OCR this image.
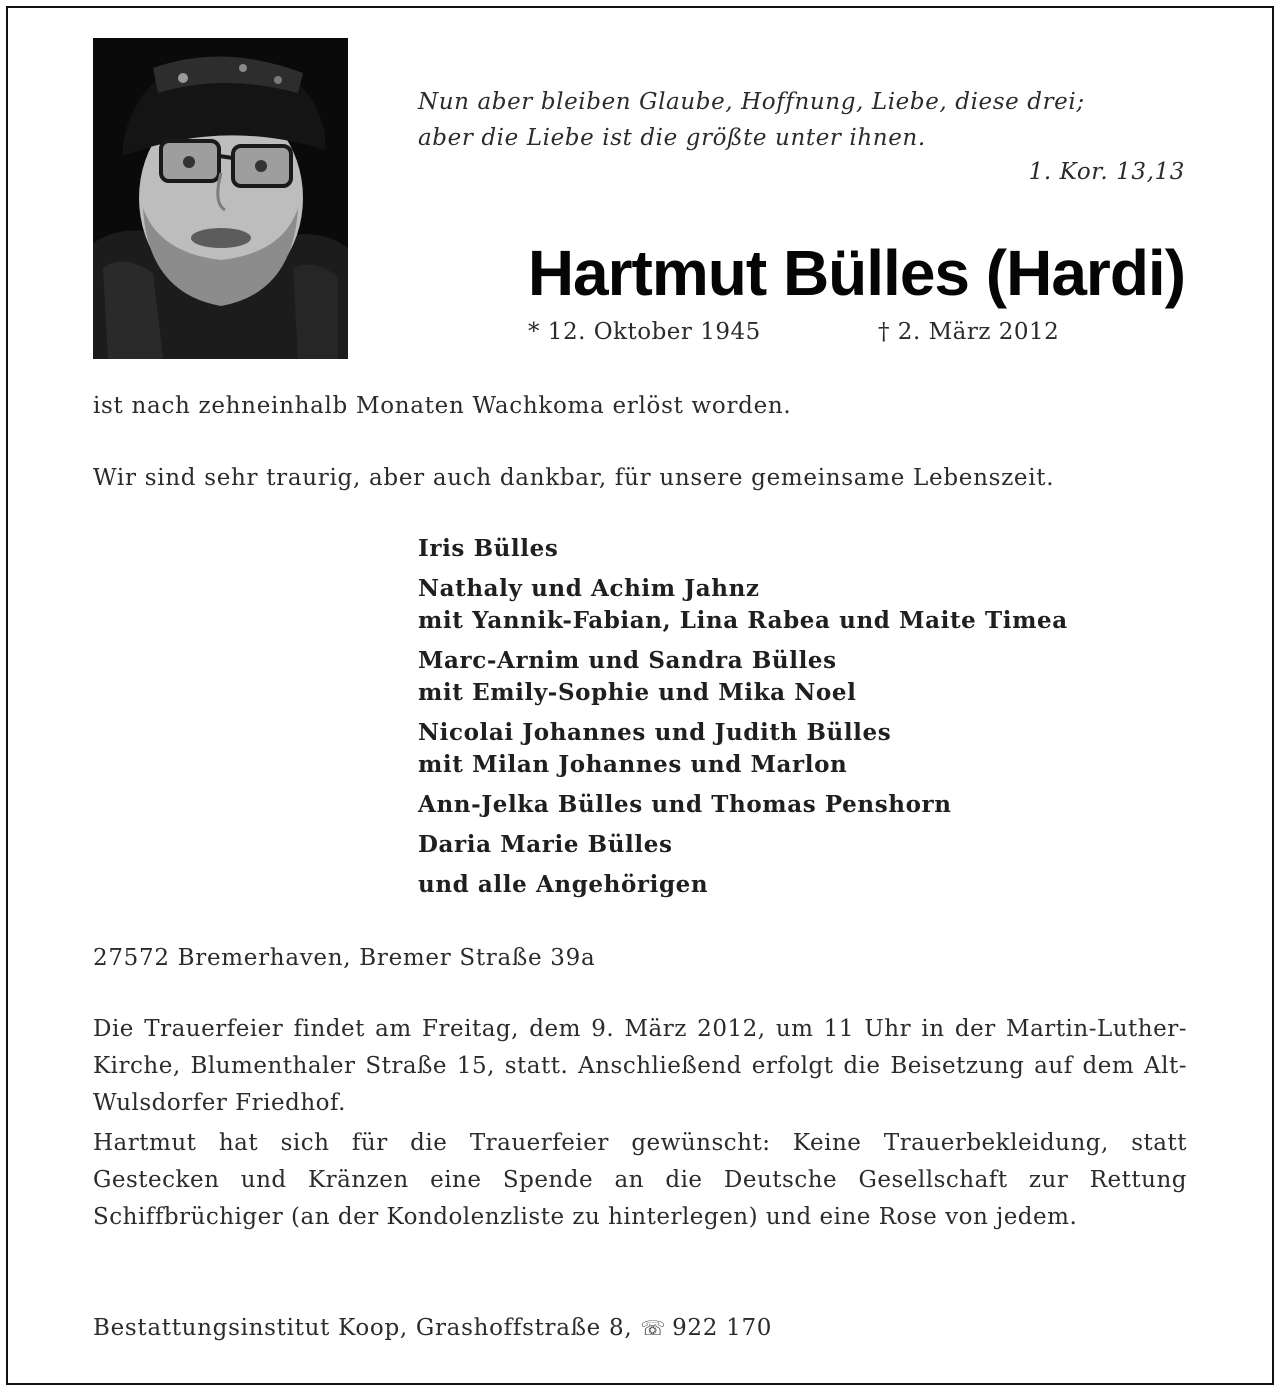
Nun aber bleiben Glaube, Hoffnung, Liebe, diese drei;
aber die Liebe ist die größte unter ihnen.
1. Kor. 13,13
Hartmut Bülles (Hardi)
* 12. Oktober 1945	† 2. März 2012
ist nach zehneinhalb Monaten Wachkoma erlöst worden.
Wir sind sehr traurig, aber auch dankbar, für unsere gemeinsame Lebenszeit.
Iris Bülles
Nathaly und Achim Jahnz
mit Yannik-Fabian, Lina Rabea und Maite Timea
Marc-Arnim und Sandra Bülles
mit Emily-Sophie und Mika Noel
Nicolai Johannes und Judith Bülles
mit Milan Johannes und Marlon
Ann-Jelka Bülles und Thomas Penshorn
Daria Marie Bülles
und alle Angehörigen
27572 Bremerhaven, Bremer Straße 39a
Die Trauerfeier findet am Freitag, dem 9. März 2012, um 11 Uhr in der Martin-Luther-Kirche, Blumenthaler Straße 15, statt. Anschließend erfolgt die Beisetzung auf dem Alt-Wulsdorfer Friedhof.
Hartmut hat sich für die Trauerfeier gewünscht: Keine Trauerbekleidung, statt Gestecken und Kränzen eine Spende an die Deutsche Gesellschaft zur Rettung Schiffbrüchiger (an der Kondolenzliste zu hinterlegen) und eine Rose von jedem.
Bestattungsinstitut Koop, Grashoffstraße 8, ☏ 922 170
